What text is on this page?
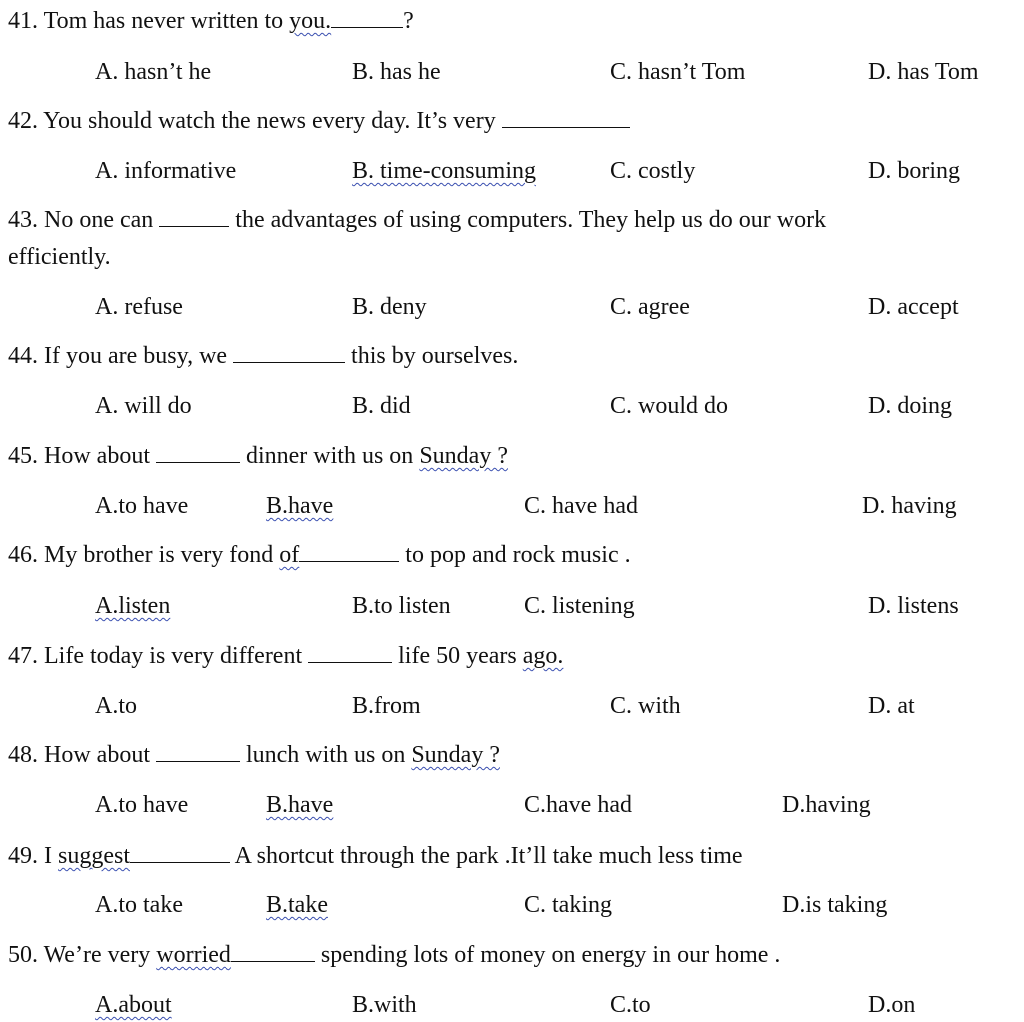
41. Tom has never written to you.	?
A. hasn’t he	B. has he	C. hasn’t Tom	D. has Tom
42. You should watch the news every day. It’s very
A. informative	B. time-consuming	C. costly	D. boring
43. No one can	the advantages of using computers. They help us do our work
efficiently.
A. refuse	B. deny	C. agree	D. accept
44. If you are busy, we	this by ourselves.
A. will do	B. did	C. would do	D. doing
45. How about	dinner with us on Sunday ?
A.to have	B.have	C. have had	D. having
46. My brother is very fond of	to pop and rock music .
A.listen	B.to listen	C. listening	D. listens
47. Life today is very different	life 50 years ago.
A.to	B.from	C. with	D. at
48. How about	lunch with us on Sunday ?
A.to have	B.have	C.have had	D.having
49. I suggest	A shortcut through the park .It’ll take much less time
A.to take	B.take	C. taking	D.is taking
50. We’re very worried	spending lots of money on energy in our home .
A.about	B.with	C.to	D.on
